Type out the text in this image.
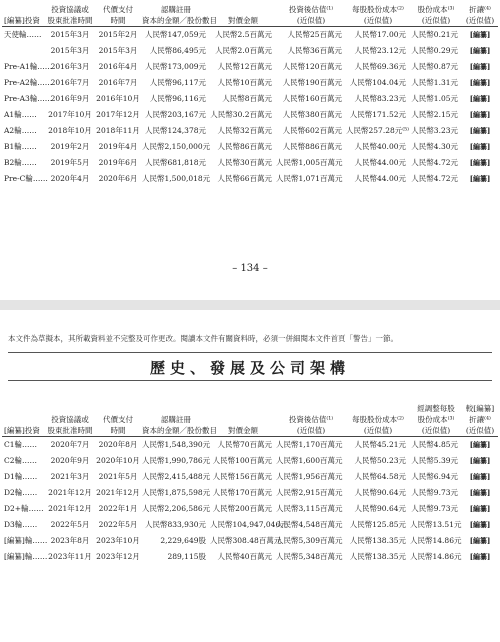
	投資協議或	代價支付	認購註冊		投資後估值⁽¹⁾	每股股份成本⁽²⁾	股份成本⁽³⁾	折讓⁽⁴⁾
[編纂]投資	股東批准時間	時間	資本的金額／股份數目	對價金額	(近似值)	(近似值)	(近似值)	(近似值)
天使輪……	2015年3月	2015年2月	人民幣147,059元	人民幣2.5百萬元	人民幣25百萬元	人民幣17.00元	人民幣0.21元	[編纂]
	2015年3月	2015年3月	人民幣86,495元	人民幣2.0百萬元	人民幣36百萬元	人民幣23.12元	人民幣0.29元	[編纂]
Pre-A1輪……	2016年3月	2016年4月	人民幣173,009元	人民幣12百萬元	人民幣120百萬元	人民幣69.36元	人民幣0.87元	[編纂]
Pre-A2輪……	2016年7月	2016年7月	人民幣96,117元	人民幣10百萬元	人民幣190百萬元	人民幣104.04元	人民幣1.31元	[編纂]
Pre-A3輪……	2016年9月	2016年10月	人民幣96,116元	人民幣8百萬元	人民幣160百萬元	人民幣83.23元	人民幣1.05元	[編纂]
A1輪……	2017年10月	2017年12月	人民幣203,167元	人民幣30.2百萬元	人民幣380百萬元	人民幣171.52元	人民幣2.15元	[編纂]
A2輪……	2018年10月	2018年11月	人民幣124,378元	人民幣32百萬元	人民幣602百萬元	人民幣257.28元⁽⁵⁾	人民幣3.23元	[編纂]
B1輪……	2019年2月	2019年4月	人民幣2,150,000元	人民幣86百萬元	人民幣886百萬元	人民幣40.00元	人民幣4.30元	[編纂]
B2輪……	2019年5月	2019年6月	人民幣681,818元	人民幣30百萬元	人民幣1,005百萬元	人民幣44.00元	人民幣4.72元	[編纂]
Pre-C輪……	2020年4月	2020年6月	人民幣1,500,018元	人民幣66百萬元	人民幣1,071百萬元	人民幣44.00元	人民幣4.72元	[編纂]
– 134 –
本文件為草擬本，其所載資料並不完整及可作更改。閱讀本文件有關資料時，必須一併細閱本文件首頁「警告」一節。
歷史、發展及公司架構
							經調整每股	較[編纂]
	投資協議或	代價支付	認購註冊		投資後估值⁽¹⁾	每股股份成本⁽²⁾	股份成本⁽³⁾	折讓⁽⁴⁾
[編纂]投資	股東批准時間	時間	資本的金額／股份數目	對價金額	(近似值)	(近似值)	(近似值)	(近似值)
C1輪……	2020年7月	2020年8月	人民幣1,548,390元	人民幣70百萬元	人民幣1,170百萬元	人民幣45.21元	人民幣4.85元	[編纂]
C2輪……	2020年9月	2020年10月	人民幣1,990,786元	人民幣100百萬元	人民幣1,600百萬元	人民幣50.23元	人民幣5.39元	[編纂]
D1輪……	2021年3月	2021年5月	人民幣2,415,488元	人民幣156百萬元	人民幣1,956百萬元	人民幣64.58元	人民幣6.94元	[編纂]
D2輪……	2021年12月	2021年12月	人民幣1,875,598元	人民幣170百萬元	人民幣2,915百萬元	人民幣90.64元	人民幣9.73元	[編纂]
D2+輪……	2021年12月	2022年1月	人民幣2,206,586元	人民幣200百萬元	人民幣3,115百萬元	人民幣90.64元	人民幣9.73元	[編纂]
D3輪……	2022年5月	2022年5月	人民幣833,930元	人民幣104,947,046元	人民幣4,548百萬元	人民幣125.85元	人民幣13.51元	[編纂]
[編纂]輪……	2023年8月	2023年10月	2,229,649股	人民幣308.48百萬元	人民幣5,309百萬元	人民幣138.35元	人民幣14.86元	[編纂]
[編纂]輪……	2023年11月	2023年12月	289,115股	人民幣40百萬元	人民幣5,348百萬元	人民幣138.35元	人民幣14.86元	[編纂]
